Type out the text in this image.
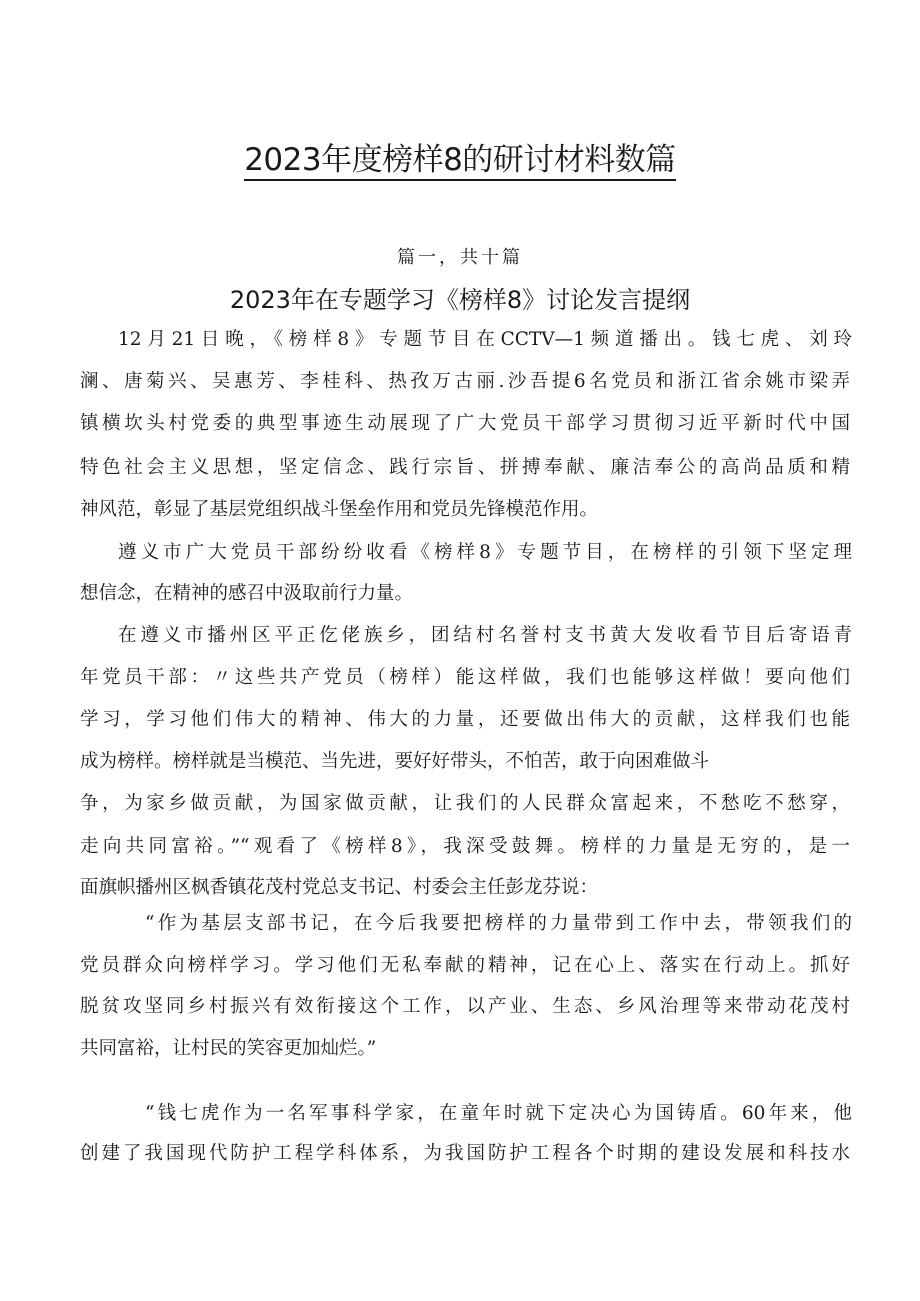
2023年度榜样8的研讨材料数篇
篇一，共十篇
2023年在专题学习《榜样8》讨论发言提纲
12月21日晚，《榜样8》专题节目在CCTV—1频道播出。钱七虎、刘玲
澜、唐菊兴、吴惠芳、李桂科、热孜万古丽.沙吾提6名党员和浙江省余姚市梁弄
镇横坎头村党委的典型事迹生动展现了广大党员干部学习贯彻习近平新时代中国
特色社会主义思想，坚定信念、践行宗旨、拼搏奉献、廉洁奉公的高尚品质和精
神风范，彰显了基层党组织战斗堡垒作用和党员先锋模范作用。
遵义市广大党员干部纷纷收看《榜样8》专题节目，在榜样的引领下坚定理
想信念，在精神的感召中汲取前行力量。
在遵义市播州区平正仡佬族乡，团结村名誉村支书黄大发收看节目后寄语青
年党员干部：〃这些共产党员（榜样）能这样做，我们也能够这样做！要向他们
学习，学习他们伟大的精神、伟大的力量，还要做出伟大的贡献，这样我们也能
成为榜样。榜样就是当模范、当先进，要好好带头，不怕苦，敢于向困难做斗
争，为家乡做贡献，为国家做贡献，让我们的人民群众富起来，不愁吃不愁穿，
走向共同富裕。”“观看了《榜样8》，我深受鼓舞。榜样的力量是无穷的，是一
面旗帜播州区枫香镇花茂村党总支书记、村委会主任彭龙芬说：
“作为基层支部书记，在今后我要把榜样的力量带到工作中去，带领我们的
党员群众向榜样学习。学习他们无私奉献的精神，记在心上、落实在行动上。抓好
脱贫攻坚同乡村振兴有效衔接这个工作，以产业、生态、乡风治理等来带动花茂村
共同富裕，让村民的笑容更加灿烂。”
“钱七虎作为一名军事科学家，在童年时就下定决心为国铸盾。60年来，他
创建了我国现代防护工程学科体系，为我国防护工程各个时期的建设发展和科技水
